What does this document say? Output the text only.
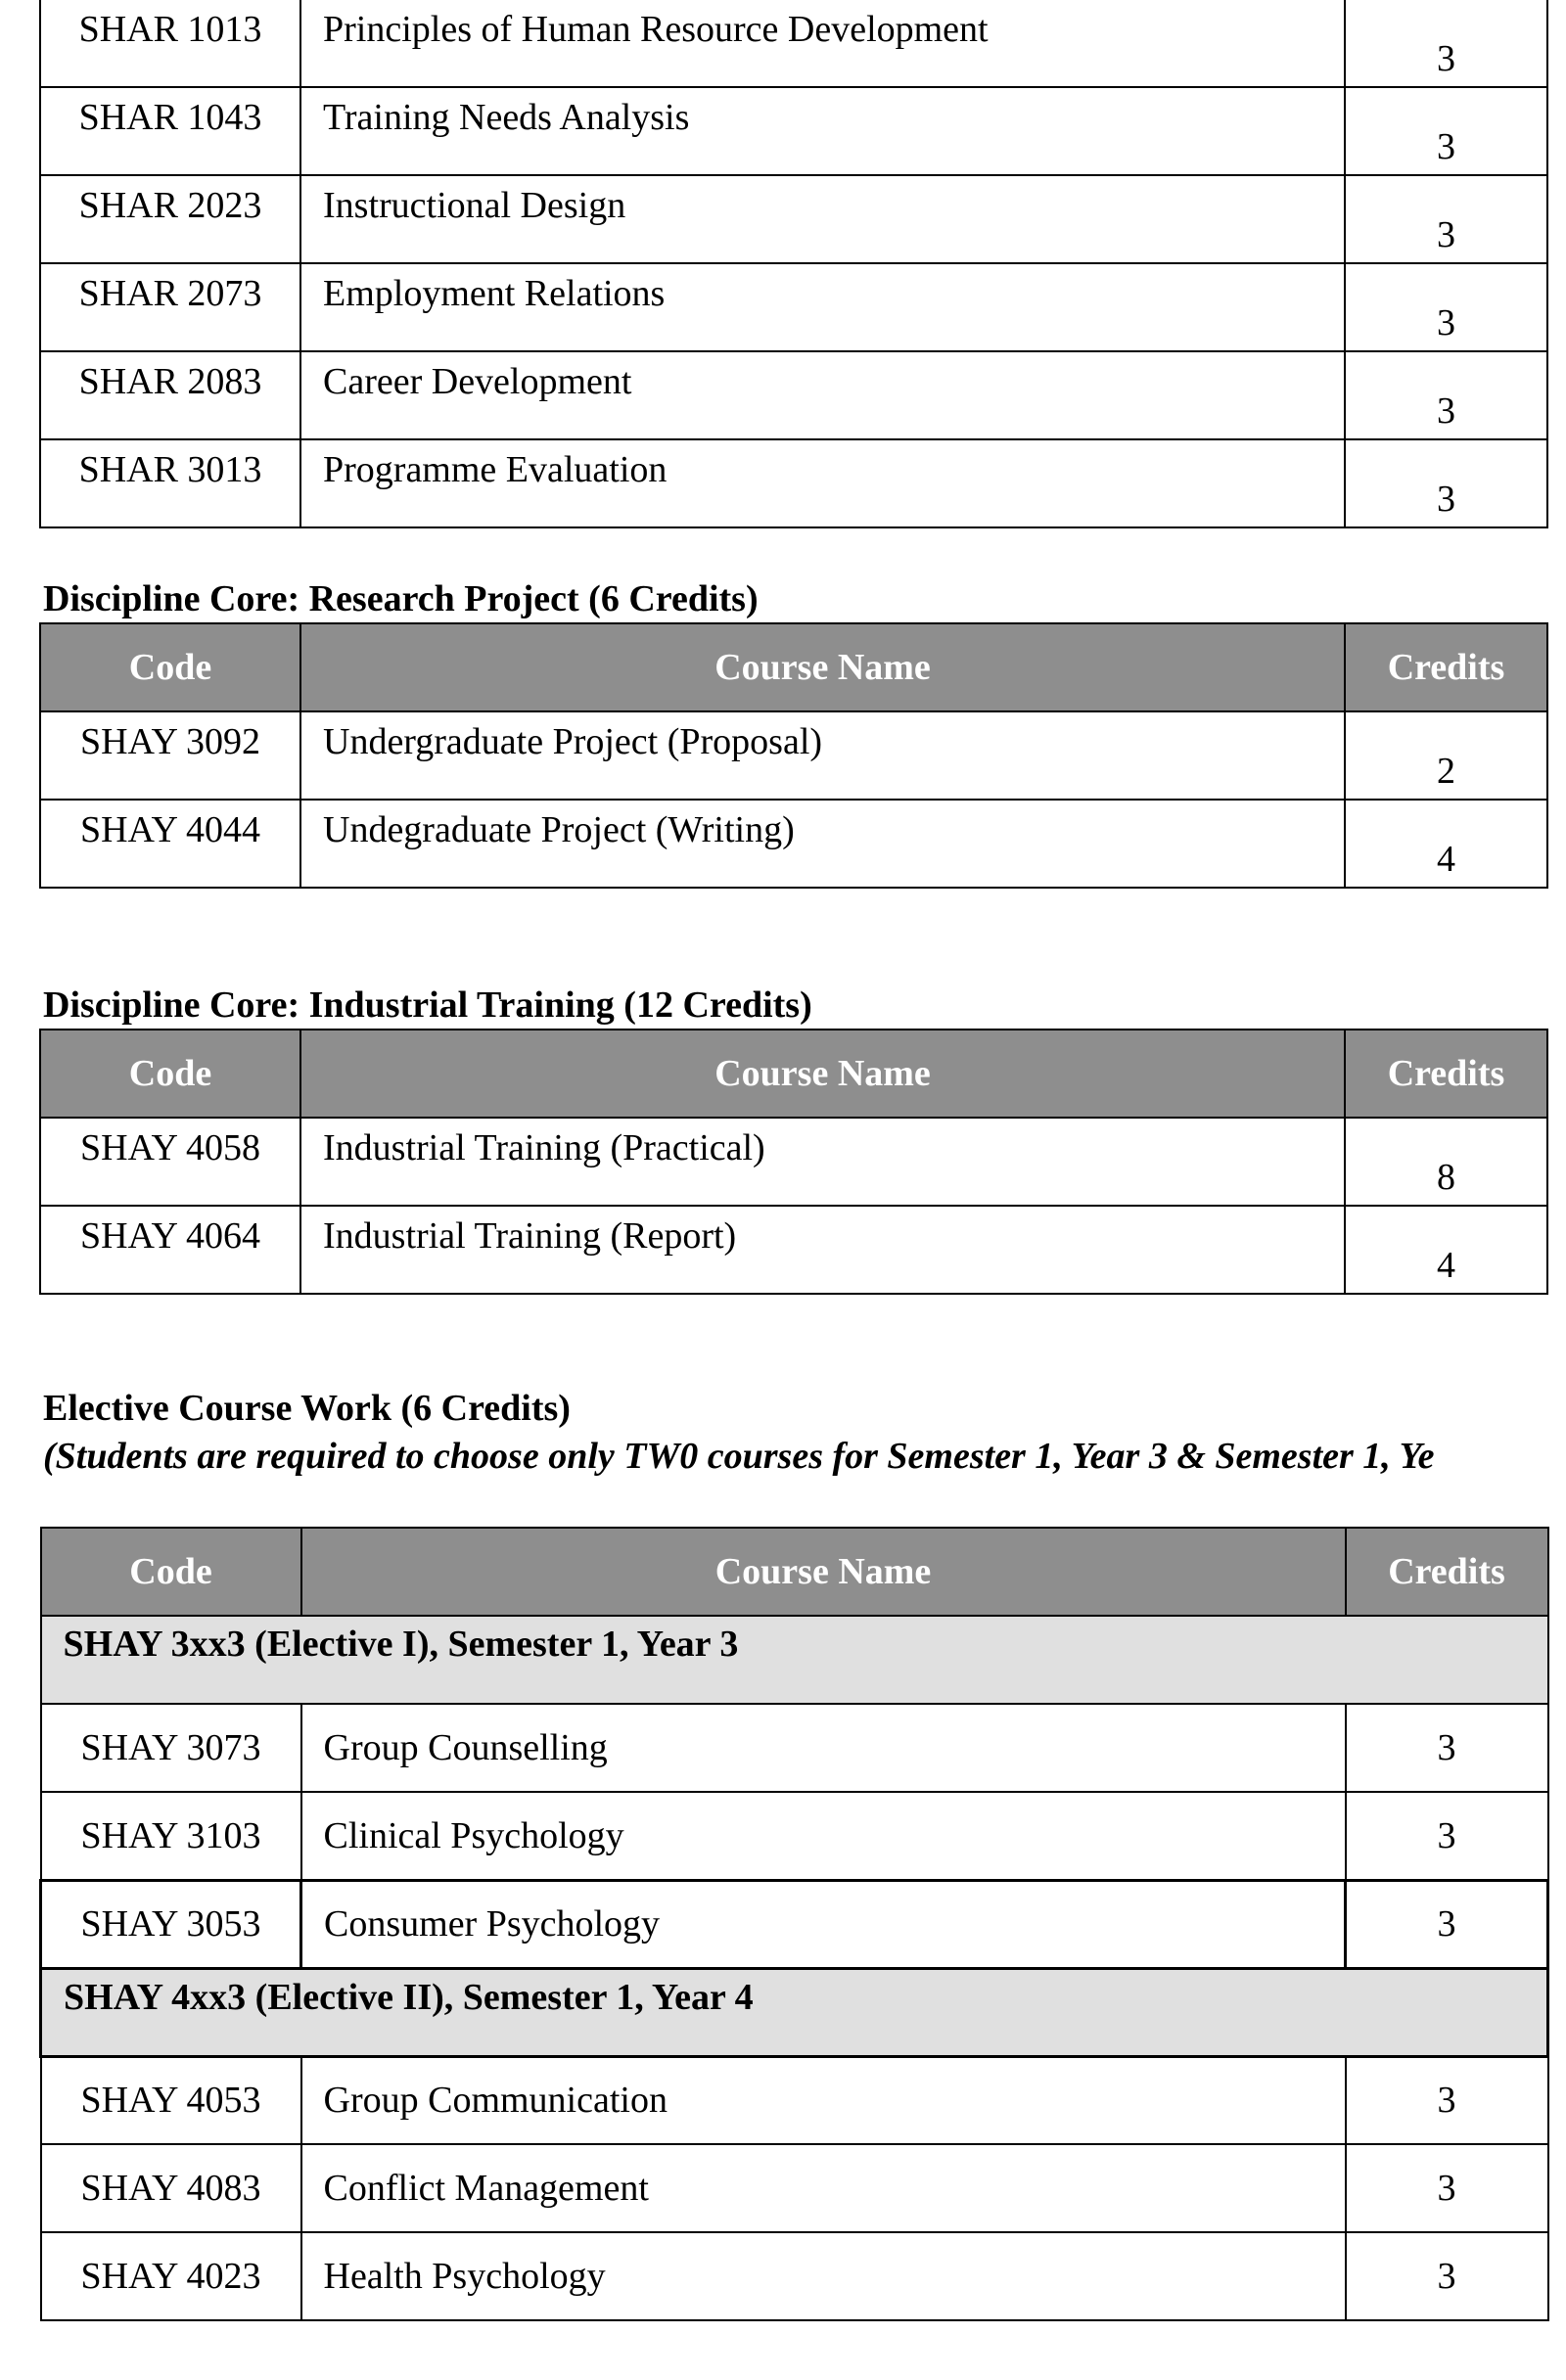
SHAR 1013	Principles of Human Resource Development	3
SHAR 1043	Training Needs Analysis	3
SHAR 2023	Instructional Design	3
SHAR 2073	Employment Relations	3
SHAR 2083	Career Development	3
SHAR 3013	Programme Evaluation	3
Discipline Core: Research Project (6 Credits)
Code	Course Name	Credits
SHAY 3092	Undergraduate Project (Proposal)	2
SHAY 4044	Undegraduate Project (Writing)	4
Discipline Core: Industrial Training (12 Credits)
Code	Course Name	Credits
SHAY 4058	Industrial Training (Practical)	8
SHAY 4064	Industrial Training (Report)	4
Elective Course Work (6 Credits)
(Students are required to choose only TW0 courses for Semester 1, Year 3 & Semester 1, Ye
Code	Course Name	Credits
SHAY 3xx3 (Elective I), Semester 1, Year 3		
SHAY 3073	Group Counselling	3
SHAY 3103	Clinical Psychology	3
SHAY 3053	Consumer Psychology	3
SHAY 4xx3 (Elective II), Semester 1, Year 4		
SHAY 4053	Group Communication	3
SHAY 4083	Conflict Management	3
SHAY 4023	Health Psychology	3
